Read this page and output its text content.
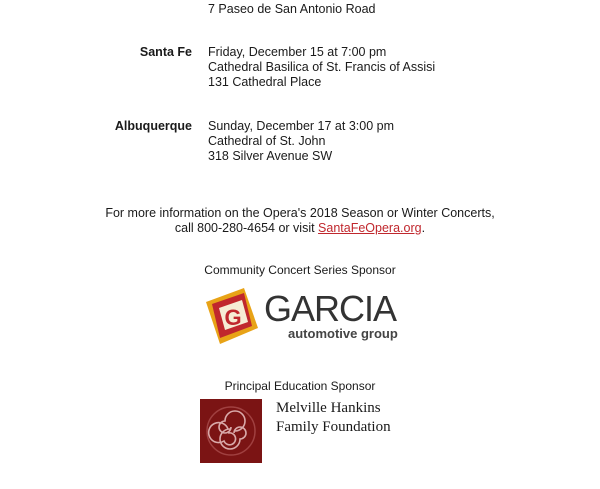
7 Paseo de San Antonio Road
Santa Fe Friday, December 15 at 7:00 pm
Cathedral Basilica of St. Francis of Assisi
131 Cathedral Place
Albuquerque Sunday, December 17 at 3:00 pm
Cathedral of St. John
318 Silver Avenue SW
For more information on the Opera's 2018 Season or Winter Concerts,
call 800-280-4654 or visit SantaFeOpera.org.
Community Concert Series Sponsor
G GARCIA
automotive group
Principal Education Sponsor
Melville Hankins
Family Foundation
